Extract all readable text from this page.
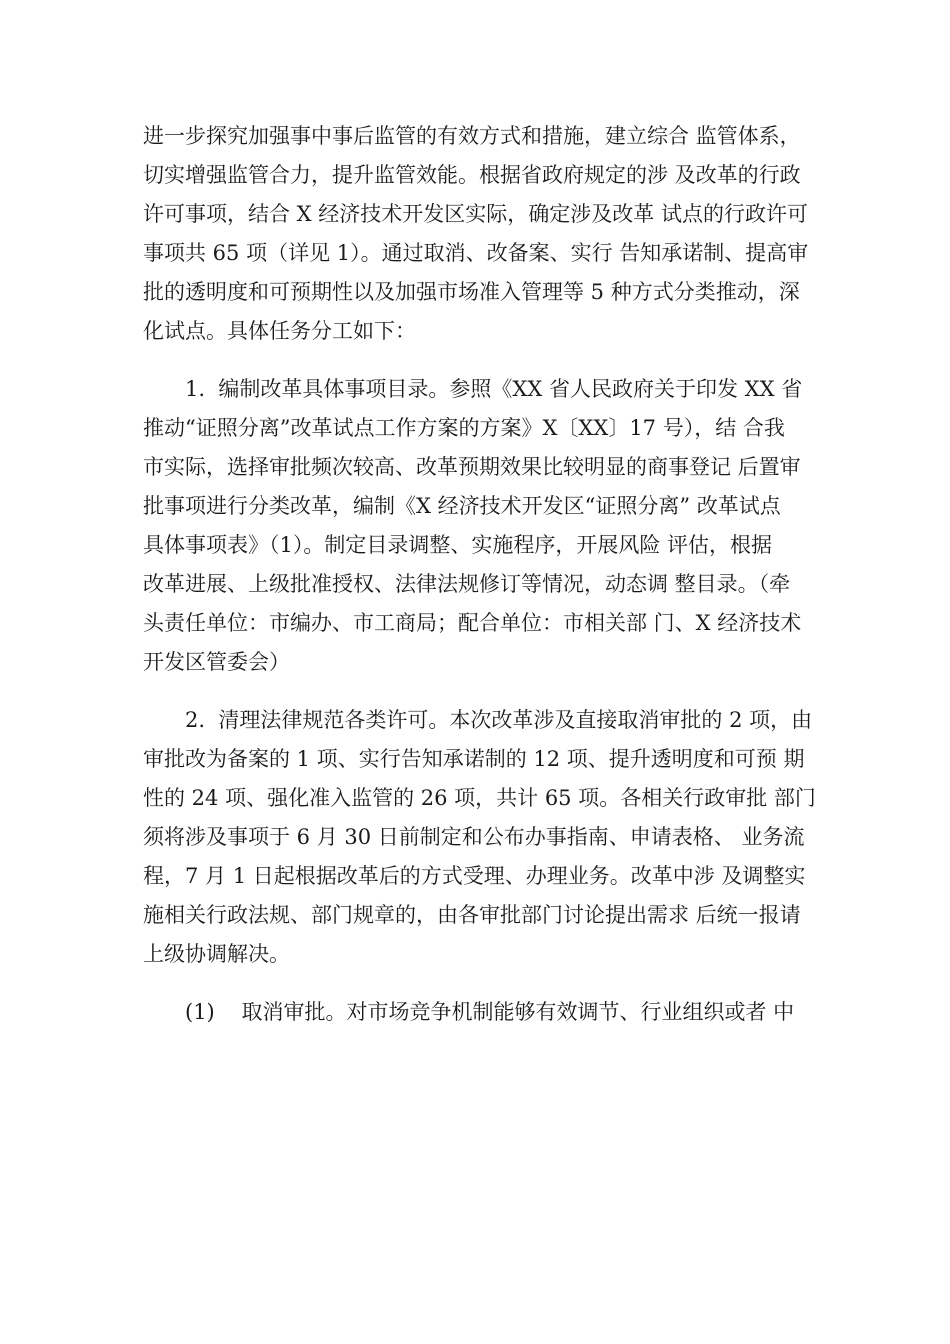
进一步探究加强事中事后监管的有效方式和措施，建立综合 监管体系，
切实增强监管合力，提升监管效能。根据省政府规定的涉 及改革的行政
许可事项，结合 X 经济技术开发区实际，确定涉及改革 试点的行政许可
事项共 65 项（详见 1）。通过取消、改备案、实行 告知承诺制、提高审
批的透明度和可预期性以及加强市场准入管理等 5 种方式分类推动，深
化试点。具体任务分工如下：
1. 编制改革具体事项目录。参照《XX 省人民政府关于印发 XX 省
推动“证照分离”改革试点工作方案的方案》X〔XX〕17 号），结 合我
市实际，选择审批频次较高、改革预期效果比较明显的商事登记 后置审
批事项进行分类改革，编制《X 经济技术开发区“证照分离” 改革试点
具体事项表》（1）。制定目录调整、实施程序，开展风险 评估，根据
改革进展、上级批准授权、法律法规修订等情况，动态调 整目录。（牵
头责任单位：市编办、市工商局；配合单位：市相关部 门、X 经济技术
开发区管委会）
2. 清理法律规范各类许可。本次改革涉及直接取消审批的 2 项，由
审批改为备案的 1 项、实行告知承诺制的 12 项、提升透明度和可预 期
性的 24 项、强化准入监管的 26 项，共计 65 项。各相关行政审批 部门
须将涉及事项于 6 月 30 日前制定和公布办事指南、申请表格、 业务流
程，7 月 1 日起根据改革后的方式受理、办理业务。改革中涉 及调整实
施相关行政法规、部门规章的，由各审批部门讨论提出需求 后统一报请
上级协调解决。
(1) 取消审批。对市场竞争机制能够有效调节、行业组织或者 中
